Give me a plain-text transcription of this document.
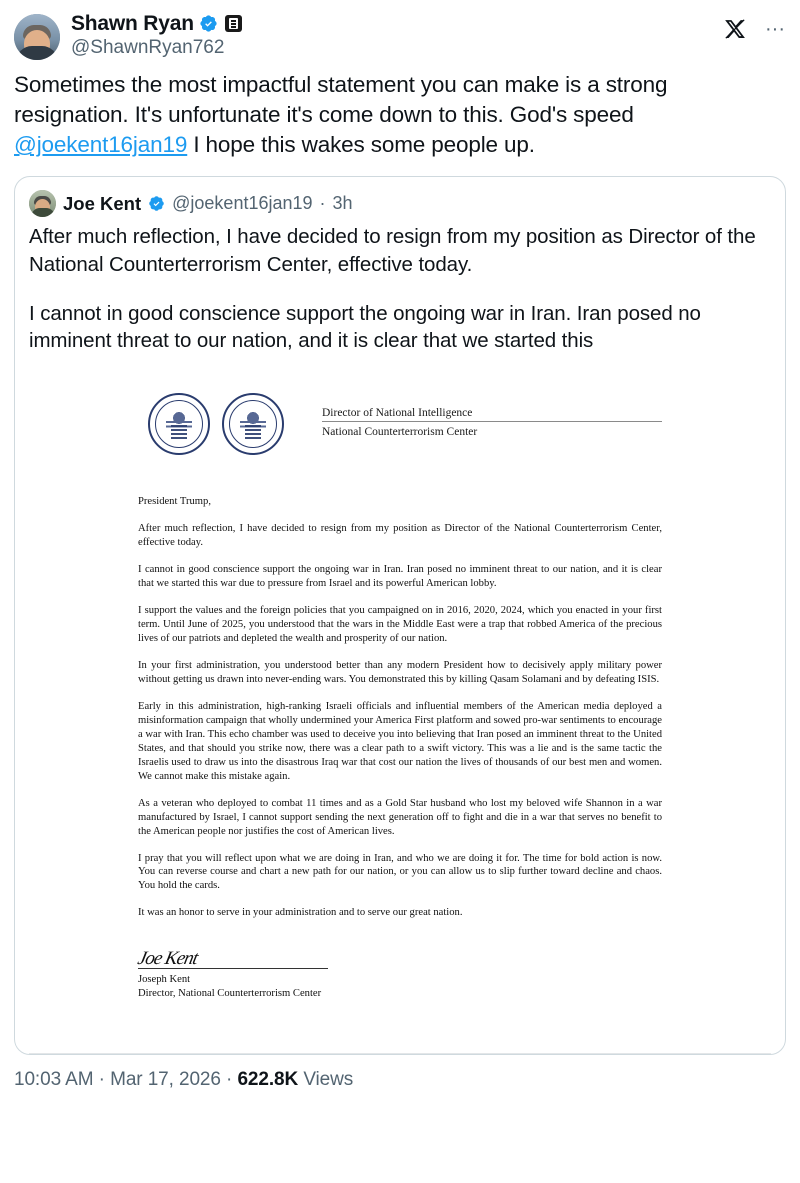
Shawn Ryan
@ShawnRyan762
···
Sometimes the most impactful statement you can make is a strong resignation. It's unfortunate it's come down to this. God's speed @joekent16jan19 I hope this wakes some people up.
Joe Kent @joekent16jan19 · 3h

After much reflection, I have decided to resign from my position as Director of the National Counterterrorism Center, effective today.

I cannot in good conscience support the ongoing war in Iran. Iran posed no imminent threat to our nation, and it is clear that we started this

Director of National Intelligence
National Counterterrorism Center
President Trump,

After much reflection, I have decided to resign from my position as Director of the National Counterterrorism Center, effective today.

I cannot in good conscience support the ongoing war in Iran. Iran posed no imminent threat to our nation, and it is clear that we started this war due to pressure from Israel and its powerful American lobby.

I support the values and the foreign policies that you campaigned on in 2016, 2020, 2024, which you enacted in your first term. Until June of 2025, you understood that the wars in the Middle East were a trap that robbed America of the precious lives of our patriots and depleted the wealth and prosperity of our nation.

In your first administration, you understood better than any modern President how to decisively apply military power without getting us drawn into never-ending wars. You demonstrated this by killing Qasam Solamani and by defeating ISIS.

Early in this administration, high-ranking Israeli officials and influential members of the American media deployed a misinformation campaign that wholly undermined your America First platform and sowed pro-war sentiments to encourage a war with Iran. This echo chamber was used to deceive you into believing that Iran posed an imminent threat to the United States, and that should you strike now, there was a clear path to a swift victory. This was a lie and is the same tactic the Israelis used to draw us into the disastrous Iraq war that cost our nation the lives of thousands of our best men and women. We cannot make this mistake again.

As a veteran who deployed to combat 11 times and as a Gold Star husband who lost my beloved wife Shannon in a war manufactured by Israel, I cannot support sending the next generation off to fight and die in a war that serves no benefit to the American people nor justifies the cost of American lives.

I pray that you will reflect upon what we are doing in Iran, and who we are doing it for. The time for bold action is now. You can reverse course and chart a new path for our nation, or you can allow us to slip further toward decline and chaos. You hold the cards.

It was an honor to serve in your administration and to serve our great nation.

Joe Kent
Joseph Kent
Director, National Counterterrorism Center
10:03 AM · Mar 17, 2026 · 622.8K Views
